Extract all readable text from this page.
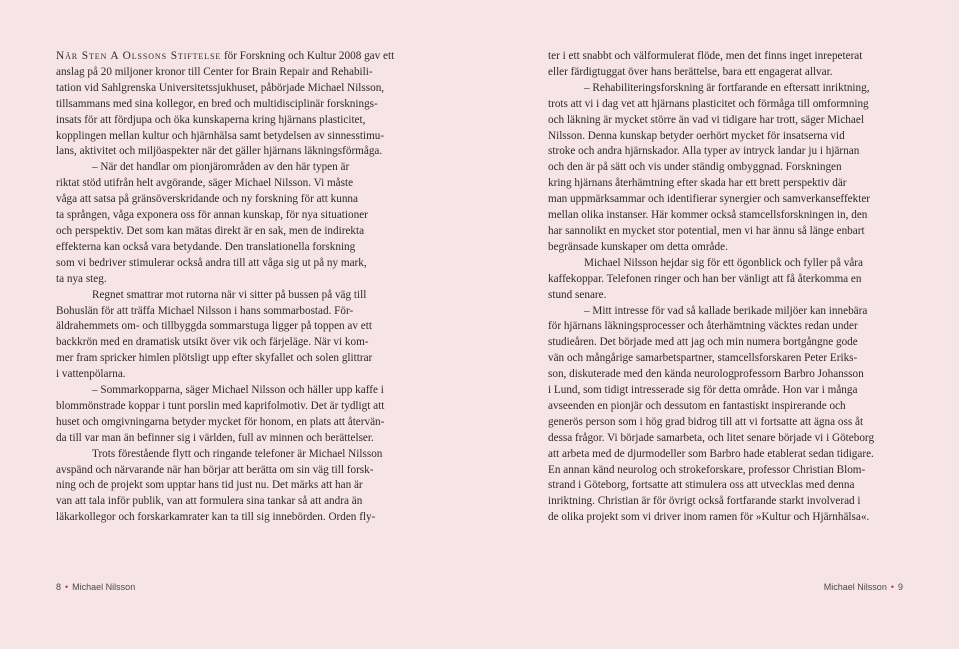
När Sten A Olssons Stiftelse för Forskning och Kultur 2008 gav ett
anslag på 20 miljoner kronor till Center for Brain Repair and Rehabili-
tation vid Sahlgrenska Universitetssjukhuset, påbörjade Michael Nilsson,
tillsammans med sina kollegor, en bred och multidisciplinär forsknings-
insats för att fördjupa och öka kunskaperna kring hjärnans plasticitet,
kopplingen mellan kultur och hjärnhälsa samt betydelsen av sinnesstimu-
lans, aktivitet och miljöaspekter när det gäller hjärnans läkningsförmåga.
– När det handlar om pionjärområden av den här typen är
riktat stöd utifrån helt avgörande, säger Michael Nilsson. Vi måste
våga att satsa på gränsöverskridande och ny forskning för att kunna
ta sprången, våga exponera oss för annan kunskap, för nya situationer
och perspektiv. Det som kan mätas direkt är en sak, men de indirekta
effekterna kan också vara betydande. Den translationella forskning
som vi bedriver stimulerar också andra till att våga sig ut på ny mark,
ta nya steg.
Regnet smattrar mot rutorna när vi sitter på bussen på väg till
Bohuslän för att träffa Michael Nilsson i hans sommarbostad. För-
äldrahemmets om- och tillbyggda sommarstuga ligger på toppen av ett
backkrön med en dramatisk utsikt över vik och färjeläge. När vi kom-
mer fram spricker himlen plötsligt upp efter skyfallet och solen glittrar
i vattenpölarna.
– Sommarkopparna, säger Michael Nilsson och häller upp kaffe i
blommönstrade koppar i tunt porslin med kaprifolmotiv. Det är tydligt att
huset och omgivningarna betyder mycket för honom, en plats att återvän-
da till var man än befinner sig i världen, full av minnen och berättelser.
Trots förestående flytt och ringande telefoner är Michael Nilsson
avspänd och närvarande när han börjar att berätta om sin väg till forsk-
ning och de projekt som upptar hans tid just nu. Det märks att han är
van att tala inför publik, van att formulera sina tankar så att andra än
läkarkollegor och forskarkamrater kan ta till sig innebörden. Orden fly-
ter i ett snabbt och välformulerat flöde, men det finns inget inrepeterat
eller färdigtuggat över hans berättelse, bara ett engagerat allvar.
– Rehabiliteringsforskning är fortfarande en eftersatt inriktning,
trots att vi i dag vet att hjärnans plasticitet och förmåga till omformning
och läkning är mycket större än vad vi tidigare har trott, säger Michael
Nilsson. Denna kunskap betyder oerhört mycket för insatserna vid
stroke och andra hjärnskador. Alla typer av intryck landar ju i hjärnan
och den är på sätt och vis under ständig ombyggnad. Forskningen
kring hjärnans återhämtning efter skada har ett brett perspektiv där
man uppmärksammar och identifierar synergier och samverkanseffekter
mellan olika instanser. Här kommer också stamcellsforskningen in, den
har sannolikt en mycket stor potential, men vi har ännu så länge enbart
begränsade kunskaper om detta område.
Michael Nilsson hejdar sig för ett ögonblick och fyller på våra
kaffekoppar. Telefonen ringer och han ber vänligt att få återkomma en
stund senare.
– Mitt intresse för vad så kallade berikade miljöer kan innebära
för hjärnans läkningsprocesser och återhämtning väcktes redan under
studieåren. Det började med att jag och min numera bortgångne gode
vän och mångårige samarbetspartner, stamcellsforskaren Peter Eriks-
son, diskuterade med den kända neurologprofessorn Barbro Johansson
i Lund, som tidigt intresserade sig för detta område. Hon var i många
avseenden en pionjär och dessutom en fantastiskt inspirerande och
generös person som i hög grad bidrog till att vi fortsatte att ägna oss åt
dessa frågor. Vi började samarbeta, och litet senare började vi i Göteborg
att arbeta med de djurmodeller som Barbro hade etablerat sedan tidigare.
En annan känd neurolog och strokeforskare, professor Christian Blom-
strand i Göteborg, fortsatte att stimulera oss att utvecklas med denna
inriktning. Christian är för övrigt också fortfarande starkt involverad i
de olika projekt som vi driver inom ramen för »Kultur och Hjärnhälsa«.
8 • Michael Nilsson	Michael Nilsson • 9
